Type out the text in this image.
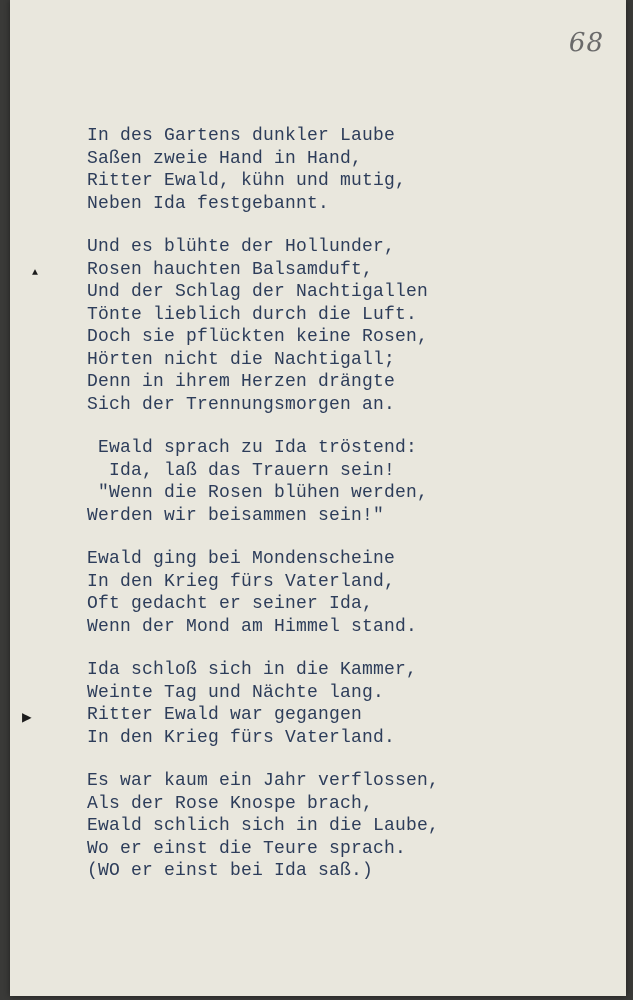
68
In des Gartens dunkler Laube
Saßen zweie Hand in Hand,
Ritter Ewald, kühn und mutig,
Neben Ida festgebannt.
Und es blühte der Hollunder,
Rosen hauchten Balsamduft,
Und der Schlag der Nachtigallen
Tönte lieblich durch die Luft.
Doch sie pflückten keine Rosen,
Hörten nicht die Nachtigall;
Denn in ihrem Herzen drängte
Sich der Trennungsmorgen an.
Ewald sprach zu Ida tröstend:
Ida, laß das Trauern sein!
"Wenn die Rosen blühen werden,
Werden wir beisammen sein!"
Ewald ging bei Mondenscheine
In den Krieg fürs Vaterland,
Oft gedacht er seiner Ida,
Wenn der Mond am Himmel stand.
Ida schloß sich in die Kammer,
Weinte Tag und Nächte lang.
Ritter Ewald war gegangen
In den Krieg fürs Vaterland.
Es war kaum ein Jahr verflossen,
Als der Rose Knospe brach,
Ewald schlich sich in die Laube,
Wo er einst die Teure sprach.
(WO er einst bei Ida saß.)
▲
▶
